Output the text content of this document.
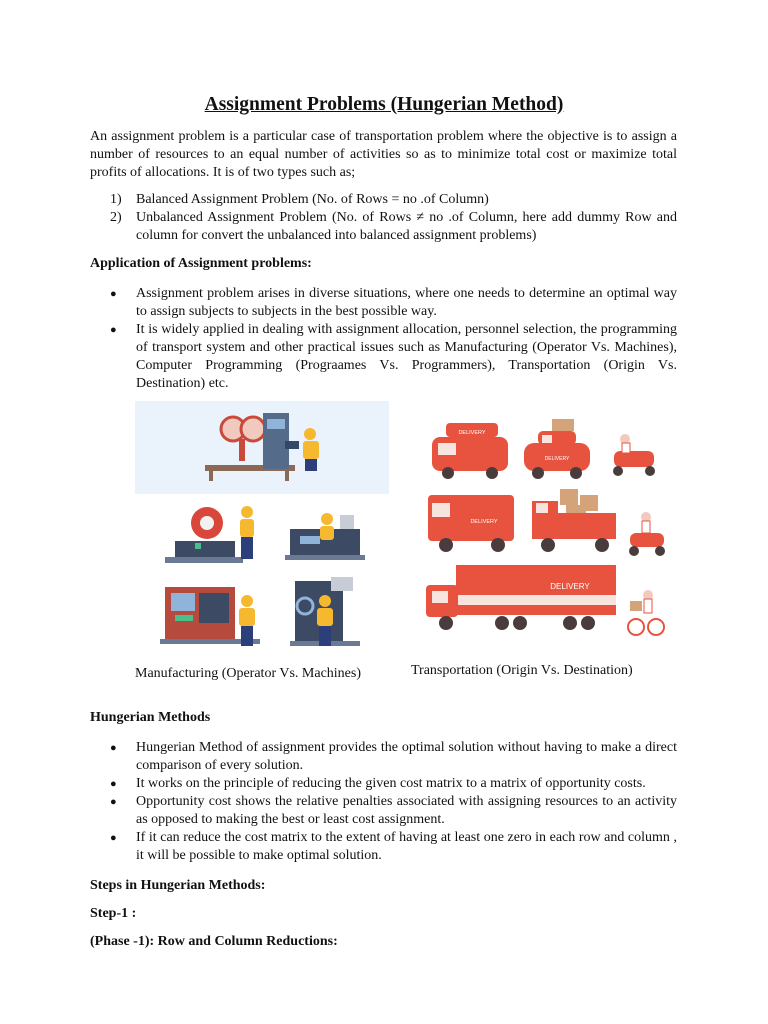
Assignment Problems (Hungerian Method)
An assignment problem is a particular case of transportation problem where the objective is to assign a number of resources to an equal number of activities so as to minimize total cost or maximize total profits of allocations. It is of two types such as;
1)	Balanced Assignment Problem (No. of Rows = no .of Column)
2)	Unbalanced Assignment Problem (No. of Rows ≠ no .of Column, here add dummy Row and column for convert the unbalanced into balanced assignment problems)
Application of Assignment problems:
●	Assignment problem arises in diverse situations, where one needs to determine an optimal way to assign subjects to subjects in the best possible way.
●	It is widely applied in dealing with assignment allocation, personnel selection, the programming of transport system and other practical issues such as Manufacturing (Operator Vs. Machines), Computer Programming (Prograames Vs. Programmers), Transportation (Origin Vs. Destination) etc.
DELIVERY
DELIVERY
DELIVERY
DELIVERY
Manufacturing (Operator Vs. Machines)	Transportation (Origin Vs. Destination)
Hungerian Methods
●	Hungerian Method of assignment provides the optimal solution without having to make a direct comparison of every solution.
●	It works on the principle of reducing the given cost matrix to a matrix of opportunity costs.
●	Opportunity cost shows the relative penalties associated with assigning resources to an activity as opposed to making the best or least cost assignment.
●	If it can reduce the cost matrix to the extent of having at least one zero in each row and column , it will be possible to make optimal solution.
Steps in Hungerian Methods:
Step-1 :
(Phase -1): Row and Column Reductions:
